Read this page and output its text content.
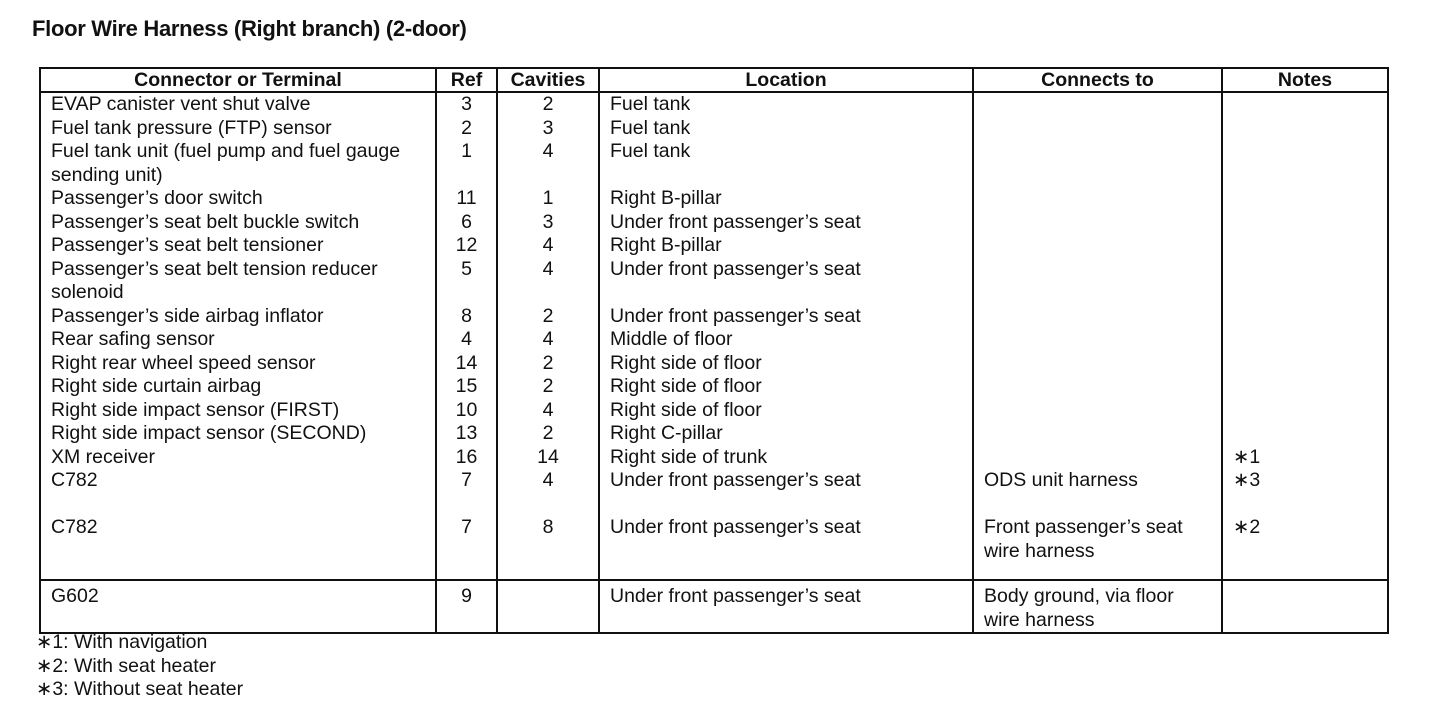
Floor Wire Harness (Right branch) (2-door)
Connector or Terminal	Ref	Cavities	Location	Connects to	Notes
EVAP canister vent shut valve	3	2	Fuel tank		
Fuel tank pressure (FTP) sensor	2	3	Fuel tank		
Fuel tank unit (fuel pump and fuel gauge sending unit)	1	4	Fuel tank		
Passenger’s door switch	11	1	Right B-pillar		
Passenger’s seat belt buckle switch	6	3	Under front passenger’s seat		
Passenger’s seat belt tensioner	12	4	Right B-pillar		
Passenger’s seat belt tension reducer solenoid	5	4	Under front passenger’s seat		
Passenger’s side airbag inflator	8	2	Under front passenger’s seat		
Rear safing sensor	4	4	Middle of floor		
Right rear wheel speed sensor	14	2	Right side of floor		
Right side curtain airbag	15	2	Right side of floor		
Right side impact sensor (FIRST)	10	4	Right side of floor		
Right side impact sensor (SECOND)	13	2	Right C-pillar		
XM receiver	16	14	Right side of trunk		∗1
C782	7	4	Under front passenger’s seat	ODS unit harness	∗3
C782	7	8	Under front passenger’s seat	Front passenger’s seat wire harness	∗2
G602	9		Under front passenger’s seat	Body ground, via floor wire harness	
∗1: With navigation
∗2: With seat heater
∗3: Without seat heater
